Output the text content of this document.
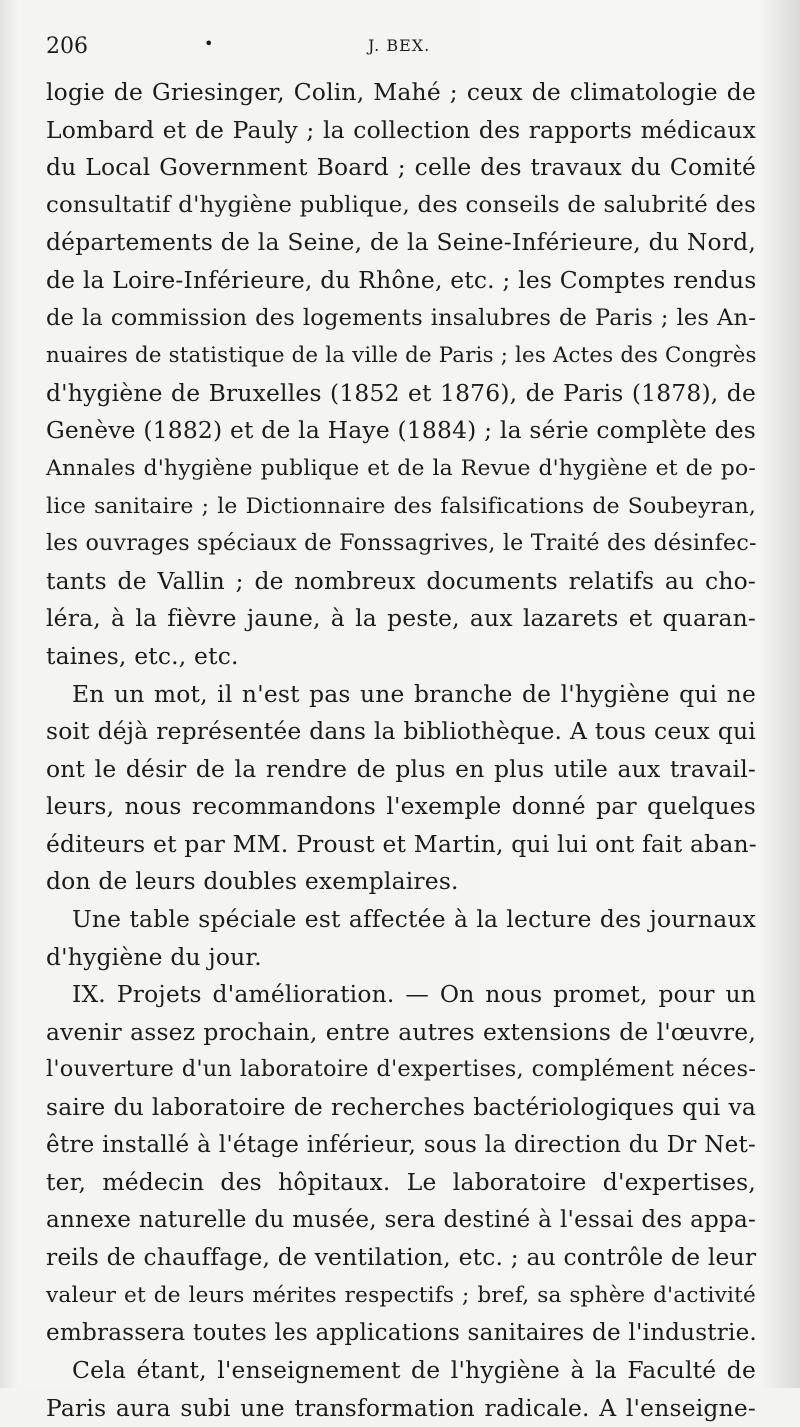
206	•	J. BEX.
logie de Griesinger, Colin, Mahé ; ceux de climatologie de
Lombard et de Pauly ; la collection des rapports médicaux
du Local Government Board ; celle des travaux du Comité
consultatif d'hygiène publique, des conseils de salubrité des
départements de la Seine, de la Seine-Inférieure, du Nord,
de la Loire-Inférieure, du Rhône, etc. ; les Comptes rendus
de la commission des logements insalubres de Paris ; les An-
nuaires de statistique de la ville de Paris ; les Actes des Congrès
d'hygiène de Bruxelles (1852 et 1876), de Paris (1878), de
Genève (1882) et de la Haye (1884) ; la série complète des
Annales d'hygiène publique et de la Revue d'hygiène et de po-
lice sanitaire ; le Dictionnaire des falsifications de Soubeyran,
les ouvrages spéciaux de Fonssagrives, le Traité des désinfec-
tants de Vallin ; de nombreux documents relatifs au cho-
léra, à la fièvre jaune, à la peste, aux lazarets et quaran-
taines, etc., etc.
En un mot, il n'est pas une branche de l'hygiène qui ne
soit déjà représentée dans la bibliothèque. A tous ceux qui
ont le désir de la rendre de plus en plus utile aux travail-
leurs, nous recommandons l'exemple donné par quelques
éditeurs et par MM. Proust et Martin, qui lui ont fait aban-
don de leurs doubles exemplaires.
Une table spéciale est affectée à la lecture des journaux
d'hygiène du jour.
IX. Projets d'amélioration. — On nous promet, pour un
avenir assez prochain, entre autres extensions de l'œuvre,
l'ouverture d'un laboratoire d'expertises, complément néces-
saire du laboratoire de recherches bactériologiques qui va
être installé à l'étage inférieur, sous la direction du Dr Net-
ter, médecin des hôpitaux. Le laboratoire d'expertises,
annexe naturelle du musée, sera destiné à l'essai des appa-
reils de chauffage, de ventilation, etc. ; au contrôle de leur
valeur et de leurs mérites respectifs ; bref, sa sphère d'activité
embrassera toutes les applications sanitaires de l'industrie.
Cela étant, l'enseignement de l'hygiène à la Faculté de
Paris aura subi une transformation radicale. A l'enseigne-
